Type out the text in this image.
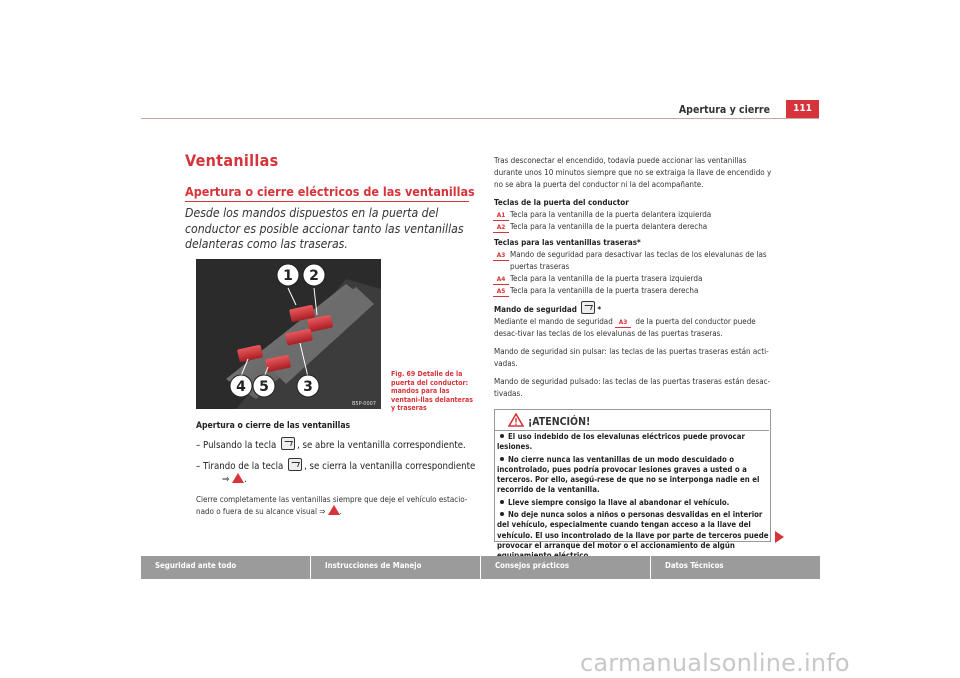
Apertura y cierre	111
Ventanillas
Apertura o cierre eléctricos de las ventanillas
Desde los mandos dispuestos en la puerta del conductor es posible accionar tanto las ventanillas delanteras como las traseras.
1 2
3
4 5
B5P-0007
Fig. 69 Detalle de la puerta del conductor: mandos para las ventani-llas delanteras y traseras
Apertura o cierre de las ventanillas
– Pulsando la tecla , se abre la ventanilla correspondiente.
– Tirando de la tecla , se cierra la ventanilla correspondiente
⇒ .
Cierre completamente las ventanillas siempre que deje el vehículo estacio-nado o fuera de su alcance visual ⇒ .

Tras desconectar el encendido, todavía puede accionar las ventanillas durante unos 10 minutos siempre que no se extraiga la llave de encendido y no se abra la puerta del conductor ni la del acompañante.

Teclas de la puerta del conductor

A1 Tecla para la ventanilla de la puerta delantera izquierda

A2 Tecla para la ventanilla de la puerta delantera derecha

Teclas para las ventanillas traseras*

A3 Mando de seguridad para desactivar las teclas de los elevalunas de las puertas traseras

A4 Tecla para la ventanilla de la puerta trasera izquierda

A5 Tecla para la ventanilla de la puerta trasera derecha

Mando de seguridad	*

Mediante el mando de seguridad A3 de la puerta del conductor puede desac-tivar las teclas de los elevalunas de las puertas traseras.

Mando de seguridad sin pulsar: las teclas de las puertas traseras están acti-vadas.

Mando de seguridad pulsado: las teclas de las puertas traseras están desac-tivadas.

¡ATENCIÓN!

El uso indebido de los elevalunas eléctricos puede provocar lesiones.

No cierre nunca las ventanillas de un modo descuidado o incontrolado, pues podría provocar lesiones graves a usted o a terceros. Por ello, asegú-rese de que no se interponga nadie en el recorrido de la ventanilla.

Lleve siempre consigo la llave al abandonar el vehículo.

No deje nunca solos a niños o personas desvalidas en el interior del vehículo, especialmente cuando tengan acceso a la llave del vehículo. El uso incontrolado de la llave por parte de terceros puede provocar el arranque del motor o el accionamiento de algún

Seguridad ante todo	Instrucciones de Manejo	Consejos prácticos	Datos Técnicos
carmanualsonline.info
